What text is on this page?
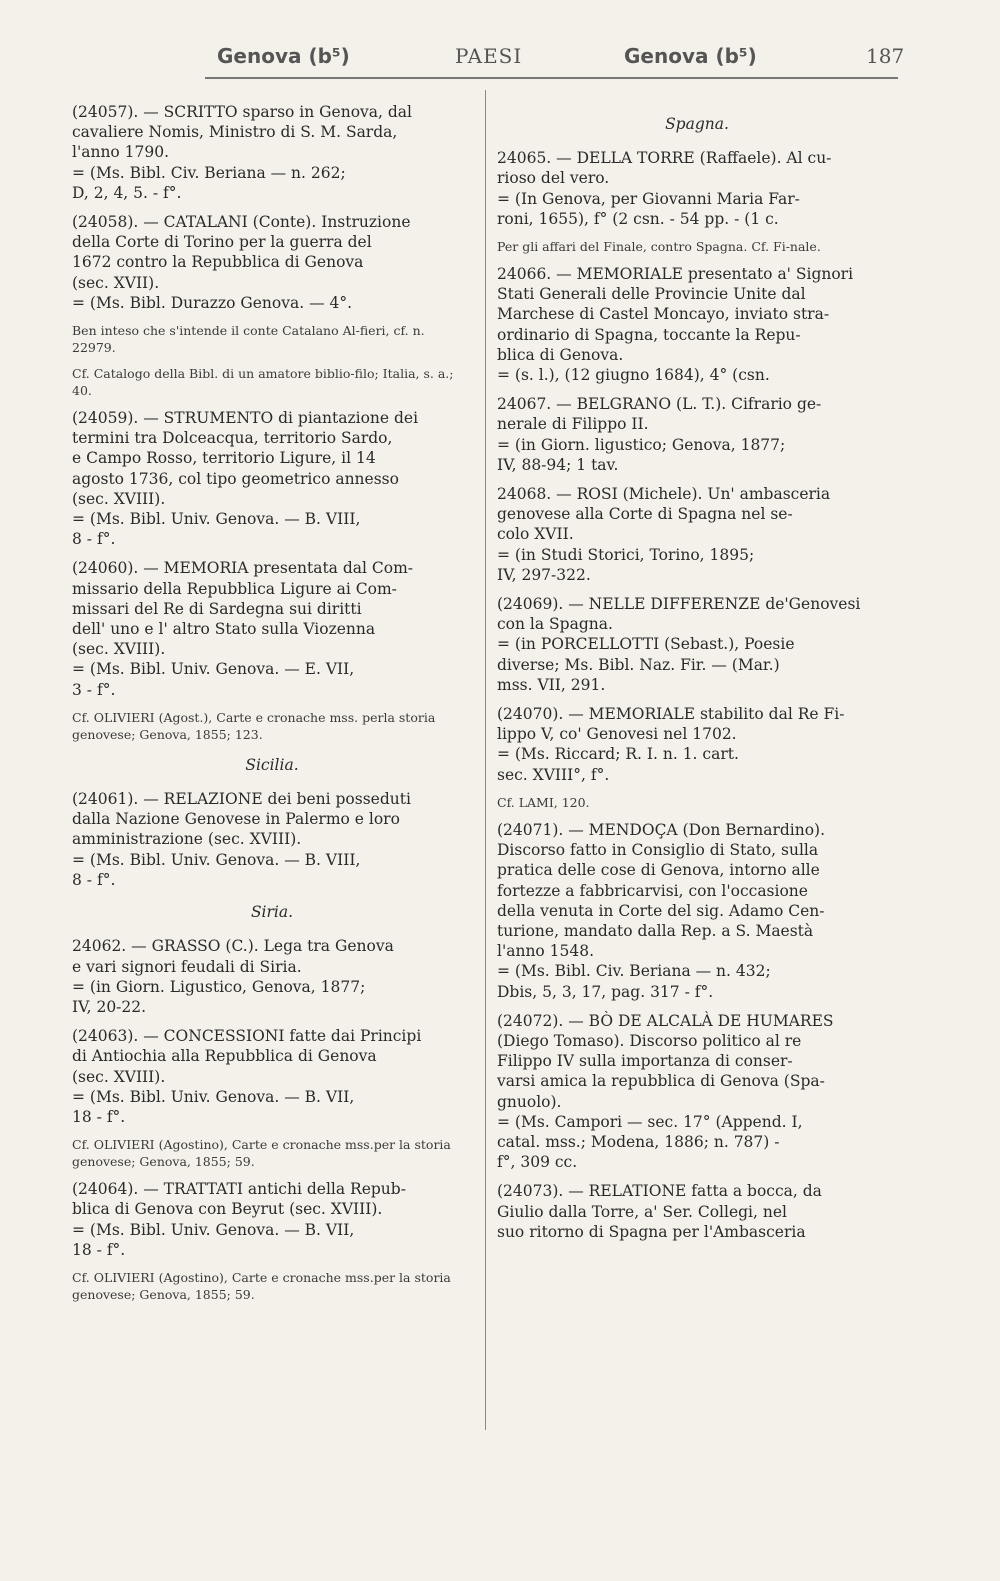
Genova (b⁵)	PAESI	Genova (b⁵)	187
(24057). — SCRITTO sparso in Genova, dal
cavaliere Nomis, Ministro di S. M. Sarda,
l'anno 1790.
= (Ms. Bibl. Civ. Beriana — n. 262;
D, 2, 4, 5. - f°.
(24058). — CATALANI (Conte). Instruzione
della Corte di Torino per la guerra del
1672 contro la Repubblica di Genova
(sec. XVII).
= (Ms. Bibl. Durazzo Genova. — 4°.
Ben inteso che s'intende il conte Catalano Al-fieri, cf. n. 22979.
Cf. Catalogo della Bibl. di un amatore biblio-filo; Italia, s. a.; 40.
(24059). — STRUMENTO di piantazione dei
termini tra Dolceacqua, territorio Sardo,
e Campo Rosso, territorio Ligure, il 14
agosto 1736, col tipo geometrico annesso
(sec. XVIII).
= (Ms. Bibl. Univ. Genova. — B. VIII,
8 - f°.
(24060). — MEMORIA presentata dal Com-
missario della Repubblica Ligure ai Com-
missari del Re di Sardegna sui diritti
dell' uno e l' altro Stato sulla Viozenna
(sec. XVIII).
= (Ms. Bibl. Univ. Genova. — E. VII,
3 - f°.
Cf. OLIVIERI (Agost.), Carte e cronache mss. perla storia genovese; Genova, 1855; 123.
Sicilia.
(24061). — RELAZIONE dei beni posseduti
dalla Nazione Genovese in Palermo e loro
amministrazione (sec. XVIII).
= (Ms. Bibl. Univ. Genova. — B. VIII,
8 - f°.
Siria.
24062. — GRASSO (C.). Lega tra Genova
e vari signori feudali di Siria.
= (in Giorn. Ligustico, Genova, 1877;
IV, 20-22.
(24063). — CONCESSIONI fatte dai Principi
di Antiochia alla Repubblica di Genova
(sec. XVIII).
= (Ms. Bibl. Univ. Genova. — B. VII,
18 - f°.
Cf. OLIVIERI (Agostino), Carte e cronache mss.per la storia genovese; Genova, 1855; 59.
(24064). — TRATTATI antichi della Repub-
blica di Genova con Beyrut (sec. XVIII).
= (Ms. Bibl. Univ. Genova. — B. VII,
18 - f°.
Cf. OLIVIERI (Agostino), Carte e cronache mss.per la storia genovese; Genova, 1855; 59.
Spagna.
24065. — DELLA TORRE (Raffaele). Al cu-
rioso del vero.
= (In Genova, per Giovanni Maria Far-
roni, 1655), f° (2 csn. - 54 pp. - (1 c.
Per gli affari del Finale, contro Spagna. Cf. Fi-nale.
24066. — MEMORIALE presentato a' Signori
Stati Generali delle Provincie Unite dal
Marchese di Castel Moncayo, inviato stra-
ordinario di Spagna, toccante la Repu-
blica di Genova.
= (s. l.), (12 giugno 1684), 4° (csn.
24067. — BELGRANO (L. T.). Cifrario ge-
nerale di Filippo II.
= (in Giorn. ligustico; Genova, 1877;
IV, 88-94; 1 tav.
24068. — ROSI (Michele). Un' ambasceria
genovese alla Corte di Spagna nel se-
colo XVII.
= (in Studi Storici, Torino, 1895;
IV, 297-322.
(24069). — NELLE DIFFERENZE de'Genovesi
con la Spagna.
= (in PORCELLOTTI (Sebast.), Poesie
diverse; Ms. Bibl. Naz. Fir. — (Mar.)
mss. VII, 291.
(24070). — MEMORIALE stabilito dal Re Fi-
lippo V, co' Genovesi nel 1702.
= (Ms. Riccard; R. I. n. 1. cart.
sec. XVIII°, f°.
Cf. LAMI, 120.
(24071). — MENDOÇA (Don Bernardino).
Discorso fatto in Consiglio di Stato, sulla
pratica delle cose di Genova, intorno alle
fortezze a fabbricarvisi, con l'occasione
della venuta in Corte del sig. Adamo Cen-
turione, mandato dalla Rep. a S. Maestà
l'anno 1548.
= (Ms. Bibl. Civ. Beriana — n. 432;
Dbis, 5, 3, 17, pag. 317 - f°.
(24072). — BÒ DE ALCALÀ DE HUMARES
(Diego Tomaso). Discorso politico al re
Filippo IV sulla importanza di conser-
varsi amica la repubblica di Genova (Spa-
gnuolo).
= (Ms. Campori — sec. 17° (Append. I,
catal. mss.; Modena, 1886; n. 787) -
f°, 309 cc.
(24073). — RELATIONE fatta a bocca, da
Giulio dalla Torre, a' Ser. Collegi, nel
suo ritorno di Spagna per l'Ambasceria
